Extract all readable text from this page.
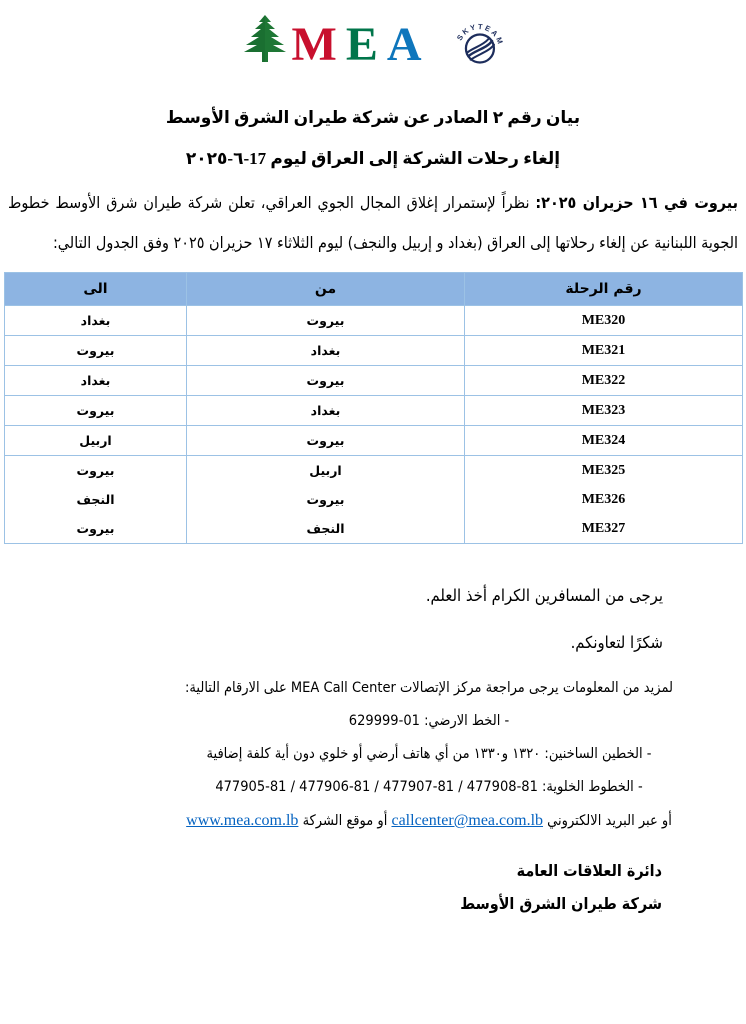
MEA	SKYTEAM
بيان رقم ٢ الصادر عن شركة طيران الشرق الأوسط
إلغاء رحلات الشركة إلى العراق ليوم 17-٦-٢٠٢٥

بيروت في ١٦ حزيران ٢٠٢٥: نظراً لإستمرار إغلاق المجال الجوي العراقي، تعلن شركة طيران شرق الأوسط خطوط الجوية اللبنانية عن إلغاء رحلاتها إلى العراق (بغداد و إربيل والنجف) ليوم الثلاثاء ١٧ حزيران ٢٠٢٥ وفق الجدول التالي:

رقم الرحلة	من	الى
ME320	بيروت	بغداد
ME321	بغداد	بيروت
ME322	بيروت	بغداد
ME323	بغداد	بيروت
ME324	بيروت	اربيل
ME325	اربيل	بيروت
ME326	بيروت	النجف
ME327	النجف	بيروت
يرجى من المسافرين الكرام أخذ العلم.
شكرًا لتعاونكم.
لمزيد من المعلومات يرجى مراجعة مركز الإتصالات MEA Call Center على الارقام التالية:
- الخط الارضي: 01-629999
- الخطين الساخنين: ١٣٢٠ و١٣٣٠ من أي هاتف أرضي أو خلوي دون أية كلفة إضافية
- الخطوط الخلوية: 81-477908 / 81-477907 / 81-477906 / 81-477905
أو عبر البريد الالكتروني callcenter@mea.com.lb أو موقع الشركة www.mea.com.lb
دائرة العلاقات العامة
شركة طيران الشرق الأوسط
